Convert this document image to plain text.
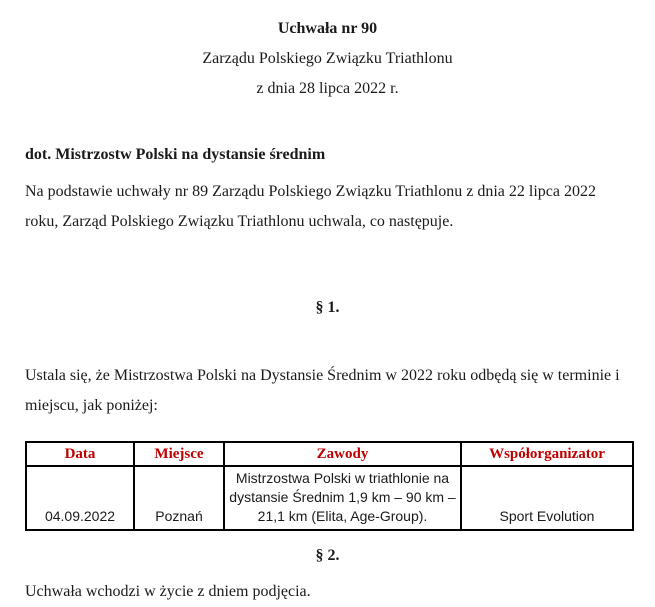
Uchwała nr 90

Zarządu Polskiego Związku Triathlonu

z dnia 28 lipca 2022 r.

dot. Mistrzostw Polski na dystansie średnim

Na podstawie uchwały nr 89 Zarządu Polskiego Związku Triathlonu z dnia 22 lipca 2022 roku, Zarząd Polskiego Związku Triathlonu uchwala, co następuje.

§ 1.

Ustala się, że Mistrzostwa Polski na Dystansie Średnim w 2022 roku odbędą się w terminie i miejscu, jak poniżej:

Data	Miejsce	Zawody	Współorganizator
04.09.2022	Poznań	Mistrzostwa Polski w triathlonie na dystansie Średnim 1,9 km – 90 km – 21,1 km (Elita, Age-Group).	Sport Evolution

§ 2.

Uchwała wchodzi w życie z dniem podjęcia.
